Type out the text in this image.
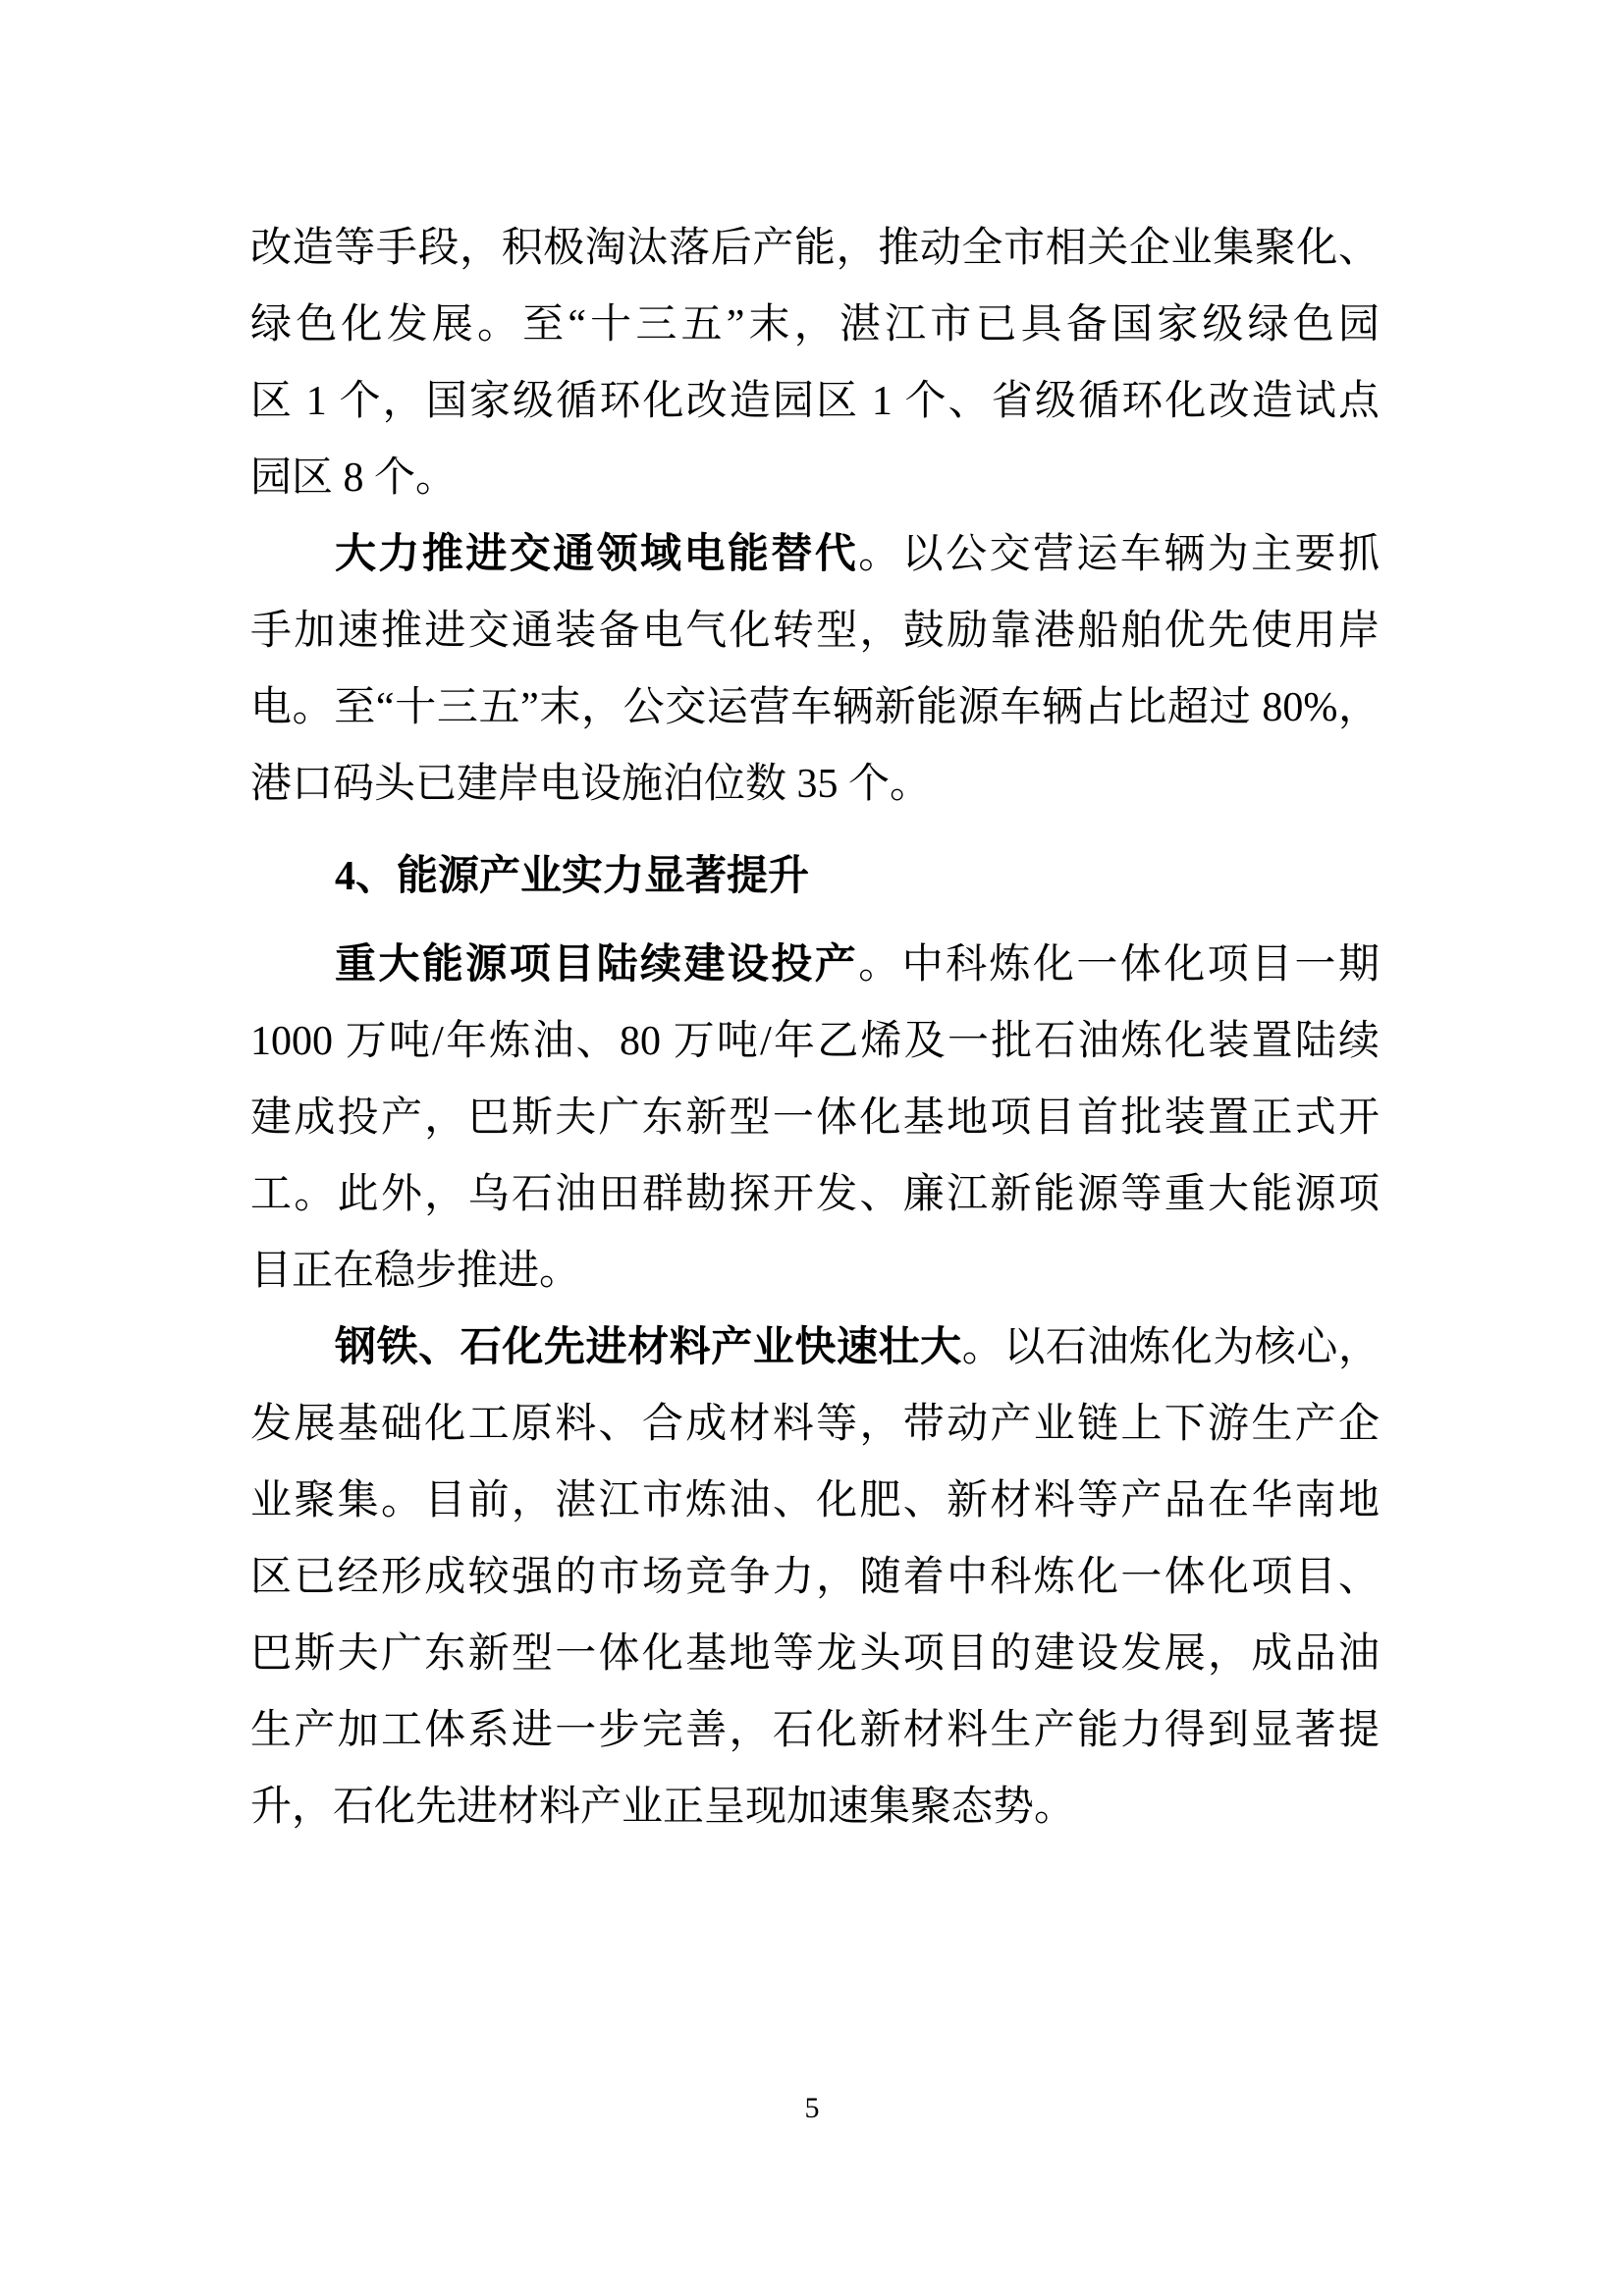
改造等手段，积极淘汰落后产能，推动全市相关企业集聚化、
绿色化发展。至“十三五”末，湛江市已具备国家级绿色园
区 1 个，国家级循环化改造园区 1 个、省级循环化改造试点
园区 8 个。
大力推进交通领域电能替代。以公交营运车辆为主要抓
手加速推进交通装备电气化转型，鼓励靠港船舶优先使用岸
电。至“十三五”末，公交运营车辆新能源车辆占比超过 80%，
港口码头已建岸电设施泊位数 35 个。
4、能源产业实力显著提升
重大能源项目陆续建设投产。中科炼化一体化项目一期
1000 万吨/年炼油、80 万吨/年乙烯及一批石油炼化装置陆续
建成投产，巴斯夫广东新型一体化基地项目首批装置正式开
工。此外，乌石油田群勘探开发、廉江新能源等重大能源项
目正在稳步推进。
钢铁、石化先进材料产业快速壮大。以石油炼化为核心，
发展基础化工原料、合成材料等，带动产业链上下游生产企
业聚集。目前，湛江市炼油、化肥、新材料等产品在华南地
区已经形成较强的市场竞争力，随着中科炼化一体化项目、
巴斯夫广东新型一体化基地等龙头项目的建设发展，成品油
生产加工体系进一步完善，石化新材料生产能力得到显著提
升，石化先进材料产业正呈现加速集聚态势。
5
